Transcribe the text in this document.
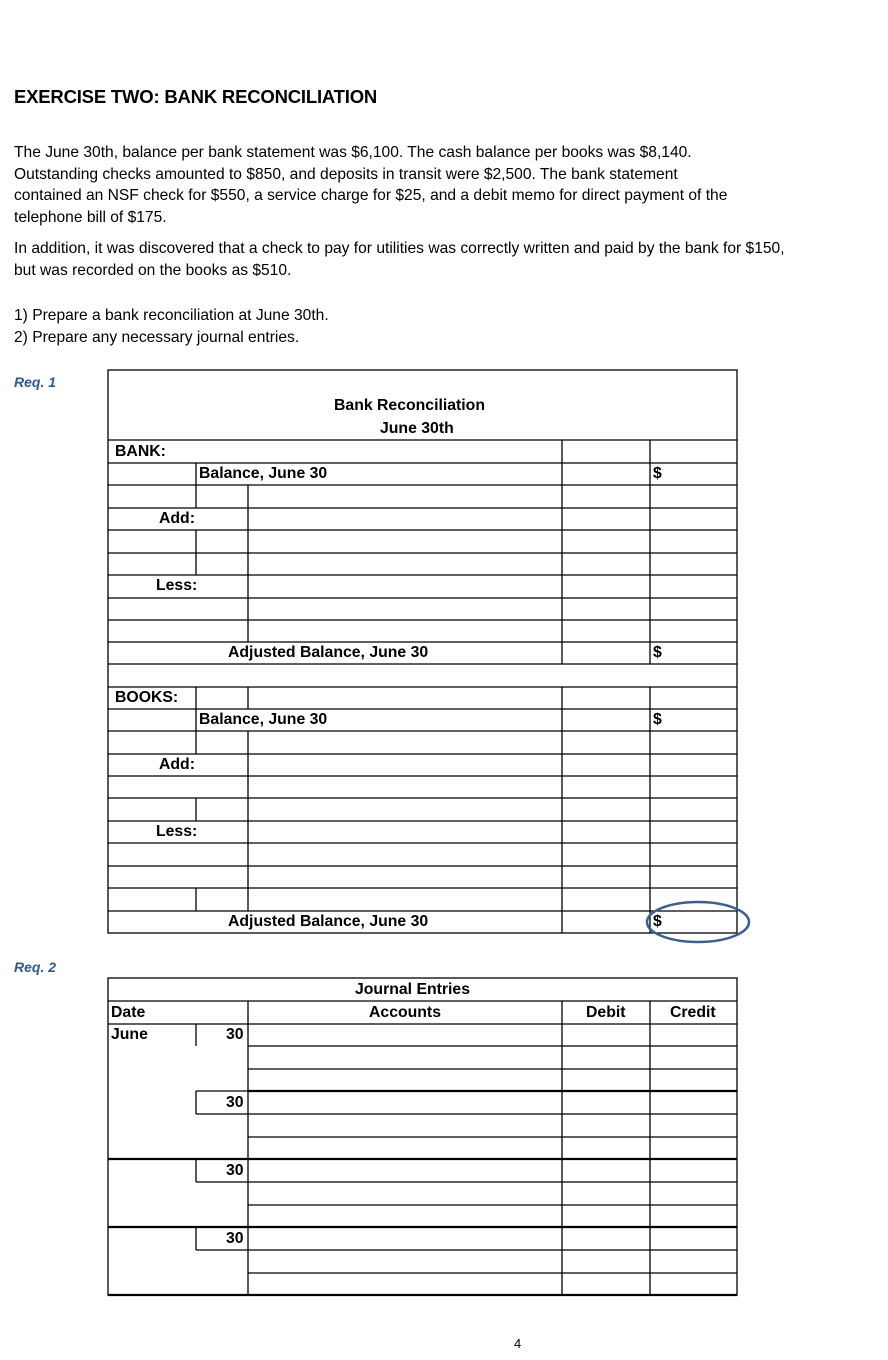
EXERCISE TWO: BANK RECONCILIATION

The June 30th, balance per bank statement was $6,100. The cash balance per books was $8,140. Outstanding checks amounted to $850, and deposits in transit were $2,500. The bank statement contained an NSF check for $550, a service charge for $25, and a debit memo for direct payment of the telephone bill of $175.

In addition, it was discovered that a check to pay for utilities was correctly written and paid by the bank for $150, but was recorded on the books as $510.

1) Prepare a bank reconciliation at June 30th.

2) Prepare any necessary journal entries.

Req. 1
Req. 2
Bank Reconciliation
June 30th
BANK:
Balance, June 30	$
Add:
Less:
Adjusted Balance, June 30	$
BOOKS:
Balance, June 30	$
Add:
Less:
Adjusted Balance, June 30	$
Journal Entries
Date	Accounts	Debit	Credit
June	30
30
30
30
4
